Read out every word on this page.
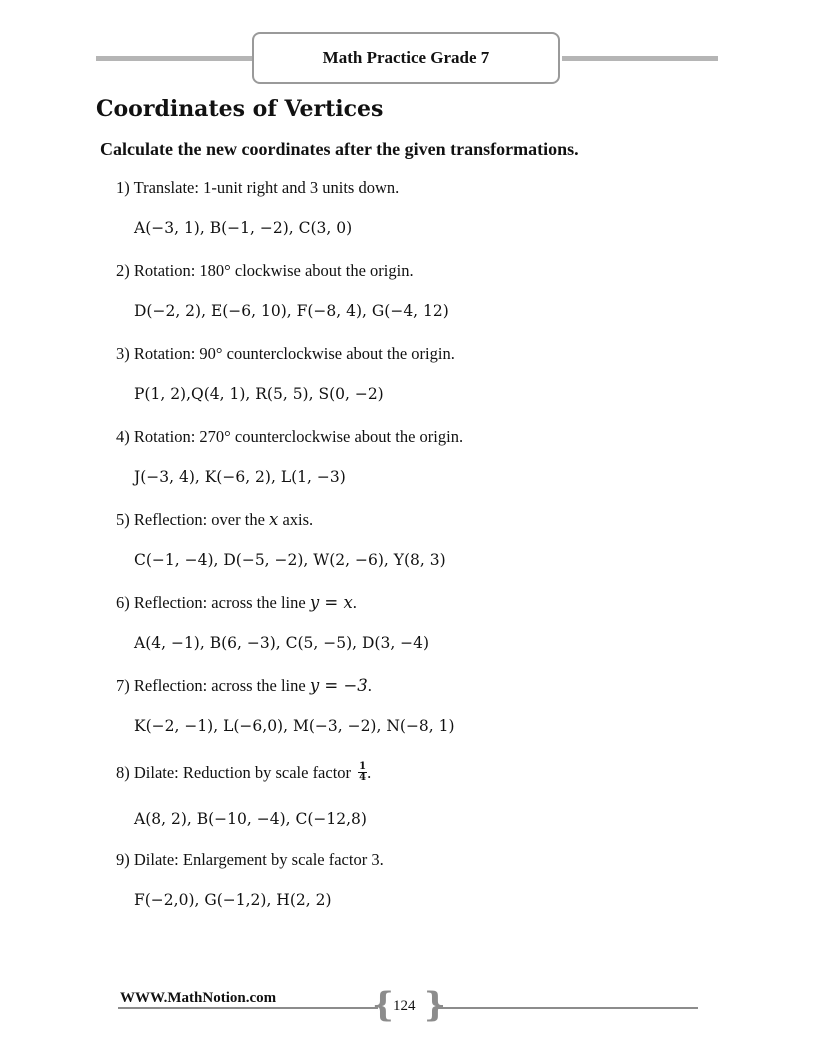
Math Practice Grade 7
Coordinates of Vertices
Calculate the new coordinates after the given transformations.
1) Translate: 1-unit right and 3 units down.
A(−3, 1), B(−1, −2), C(3, 0)
2) Rotation: 180° clockwise about the origin.
D(−2, 2), E(−6, 10), F(−8, 4), G(−4, 12)
3) Rotation: 90° counterclockwise about the origin.
P(1, 2),Q(4, 1), R(5, 5), S(0, −2)
4) Rotation: 270° counterclockwise about the origin.
J(−3, 4), K(−6, 2), L(1, −3)
5) Reflection: over the x axis.
C(−1, −4), D(−5, −2), W(2, −6), Y(8, 3)
6) Reflection: across the line y = x.
A(4, −1), B(6, −3), C(5, −5), D(3, −4)
7) Reflection: across the line y = −3.
K(−2, −1), L(−6,0), M(−3, −2), N(−8, 1)
8) Dilate: Reduction by scale factor $\frac{1}{4}$ .
A(8, 2), B(−10, −4), C(−12,8)
9) Dilate: Enlargement by scale factor 3.
F(−2,0), G(−1,2), H(2, 2)
WWW.MathNotion.com	{ 124 }
